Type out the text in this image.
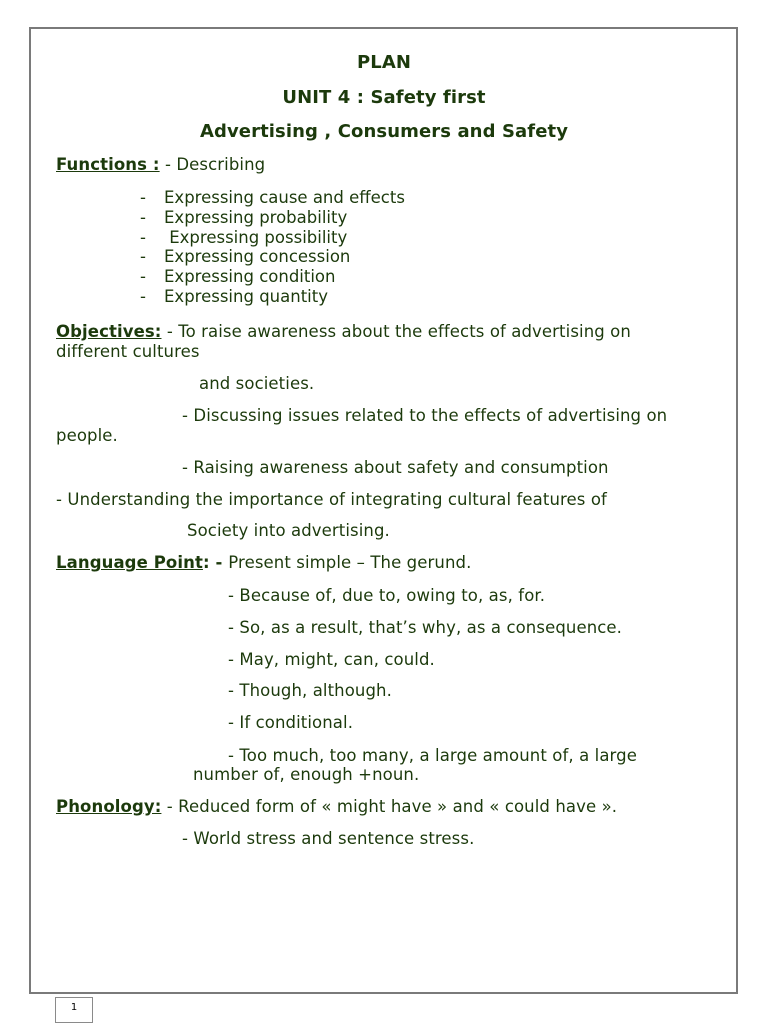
PLAN
UNIT 4 : Safety first
Advertising , Consumers and Safety
Functions : - Describing
- Expressing cause and effects
- Expressing probability
- Expressing possibility
- Expressing concession
- Expressing condition
- Expressing quantity
Objectives: - To raise awareness about the effects of advertising on
different cultures
and societies.
- Discussing issues related to the effects of advertising on
people.
- Raising awareness about safety and consumption
- Understanding the importance of integrating cultural features of
Society into advertising.
Language Point: - Present simple – The gerund.
- Because of, due to, owing to, as, for.
- So, as a result, that’s why, as a consequence.
- May, might, can, could.
- Though, although.
- If conditional.
- Too much, too many, a large amount of, a large
number of, enough +noun.
Phonology: - Reduced form of « might have » and « could have ».
- World stress and sentence stress.
1
